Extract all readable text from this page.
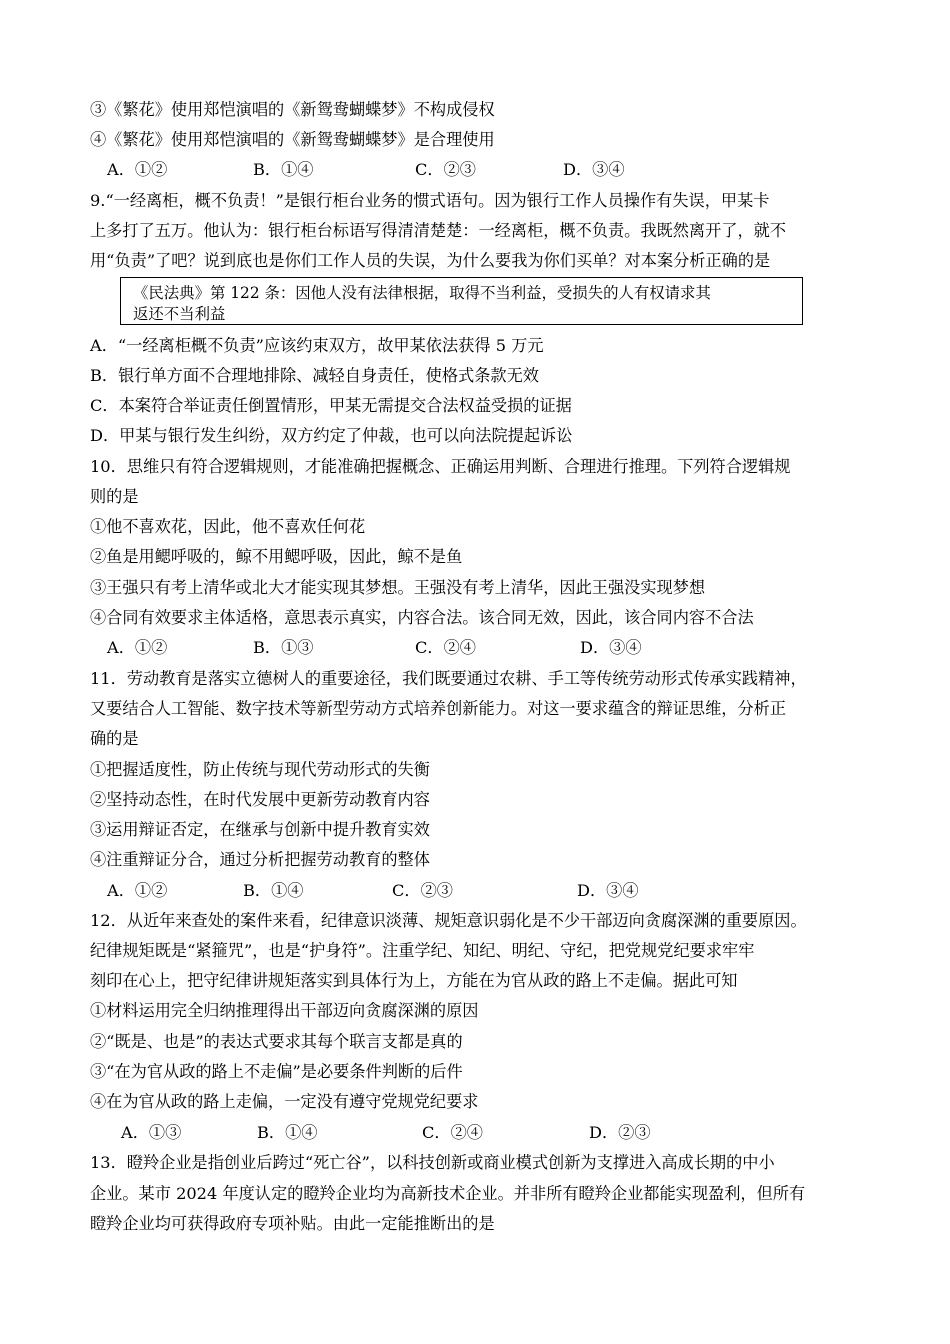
③《繁花》使用郑恺演唱的《新鸳鸯蝴蝶梦》不构成侵权
④《繁花》使用郑恺演唱的《新鸳鸯蝴蝶梦》是合理使用
A．①②	B．①④	C．②③	D．③④
9.“一经离柜，概不负责！”是银行柜台业务的惯式语句。因为银行工作人员操作有失误，甲某卡
上多打了五万。他认为：银行柜台标语写得清清楚楚：一经离柜，概不负责。我既然离开了，就不
用“负责”了吧？说到底也是你们工作人员的失误，为什么要我为你们买单？对本案分析正确的是
《民法典》第 122 条：因他人没有法律根据，取得不当利益，受损失的人有权请求其
返还不当利益
A．“一经离柜概不负责”应该约束双方，故甲某依法获得 5 万元
B．银行单方面不合理地排除、减轻自身责任，使格式条款无效
C．本案符合举证责任倒置情形，甲某无需提交合法权益受损的证据
D．甲某与银行发生纠纷，双方约定了仲裁，也可以向法院提起诉讼
10．思维只有符合逻辑规则，才能准确把握概念、正确运用判断、合理进行推理。下列符合逻辑规
则的是
①他不喜欢花，因此，他不喜欢任何花
②鱼是用鳃呼吸的，鲸不用鳃呼吸，因此，鲸不是鱼
③王强只有考上清华或北大才能实现其梦想。王强没有考上清华，因此王强没实现梦想
④合同有效要求主体适格，意思表示真实，内容合法。该合同无效，因此，该合同内容不合法
A．①②	B．①③	C．②④	D．③④
11．劳动教育是落实立德树人的重要途径，我们既要通过农耕、手工等传统劳动形式传承实践精神，
又要结合人工智能、数字技术等新型劳动方式培养创新能力。对这一要求蕴含的辩证思维，分析正
确的是
①把握适度性，防止传统与现代劳动形式的失衡
②坚持动态性，在时代发展中更新劳动教育内容
③运用辩证否定，在继承与创新中提升教育实效
④注重辩证分合，通过分析把握劳动教育的整体
A．①②	B．①④	C．②③	D．③④
12．从近年来查处的案件来看，纪律意识淡薄、规矩意识弱化是不少干部迈向贪腐深渊的重要原因。
纪律规矩既是“紧箍咒”，也是“护身符”。注重学纪、知纪、明纪、守纪，把党规党纪要求牢牢
刻印在心上，把守纪律讲规矩落实到具体行为上，方能在为官从政的路上不走偏。据此可知
①材料运用完全归纳推理得出干部迈向贪腐深渊的原因
②“既是、也是”的表达式要求其每个联言支都是真的
③“在为官从政的路上不走偏”是必要条件判断的后件
④在为官从政的路上走偏，一定没有遵守党规党纪要求
A．①③	B．①④	C．②④	D．②③
13．瞪羚企业是指创业后跨过“死亡谷”，以科技创新或商业模式创新为支撑进入高成长期的中小
企业。某市 2024 年度认定的瞪羚企业均为高新技术企业。并非所有瞪羚企业都能实现盈利，但所有
瞪羚企业均可获得政府专项补贴。由此一定能推断出的是
